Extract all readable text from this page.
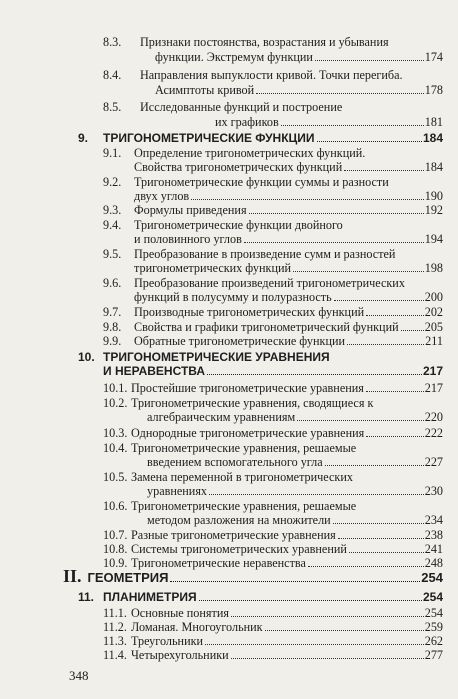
8.3. Признаки постоянства, возрастания и убывания
функции. Экстремум функции	174
8.4. Направления выпуклости кривой. Точки перегиба.
Асимптоты кривой	178
8.5. Исследованные функций и построение
их графиков	181
9. ТРИГОНОМЕТРИЧЕСКИЕ ФУНКЦИИ	184
9.1. Определение тригонометрических функций.
Свойства тригонометрических функций	184
9.2. Тригонометрические функции суммы и разности
двух углов	190
9.3. Формулы приведения	192
9.4. Тригонометрические функции двойного
и половинного углов	194
9.5. Преобразование в произведение сумм и разностей
тригонометрических функций	198
9.6. Преобразование произведений тригонометрических
функций в полусумму и полуразность	200
9.7. Производные тригонометрических функций	202
9.8. Свойства и графики тригонометрический функций 205
9.9. Обратные тригонометрические функции	211
10. ТРИГОНОМЕТРИЧЕСКИЕ УРАВНЕНИЯ
И НЕРАВЕНСТВА	217
10.1. Простейшие тригонометрические уравнения	217
10.2. Тригонометрические уравнения, сводящиеся к
алгебраическим уравнениям	220
10.3. Однородные тригонометрические уравнения	222
10.4. Тригонометрические уравнения, решаемые
введением вспомогательного угла	227
10.5. Замена переменной в тригонометрических
уравнениях	230
10.6. Тригонометрические уравнения, решаемые
методом разложения на множители	234
10.7. Разные тригонометрические уравнения	238
10.8. Системы тригонометрических уравнений	241
10.9. Тригонометрические неравенства	248
II. ГЕОМЕТРИЯ	254
11. ПЛАНИМЕТРИЯ	254
11.1. Основные понятия	254
11.2. Ломаная. Многоугольник	259
11.3. Треугольники	262
11.4. Четырехугольники	277
348
